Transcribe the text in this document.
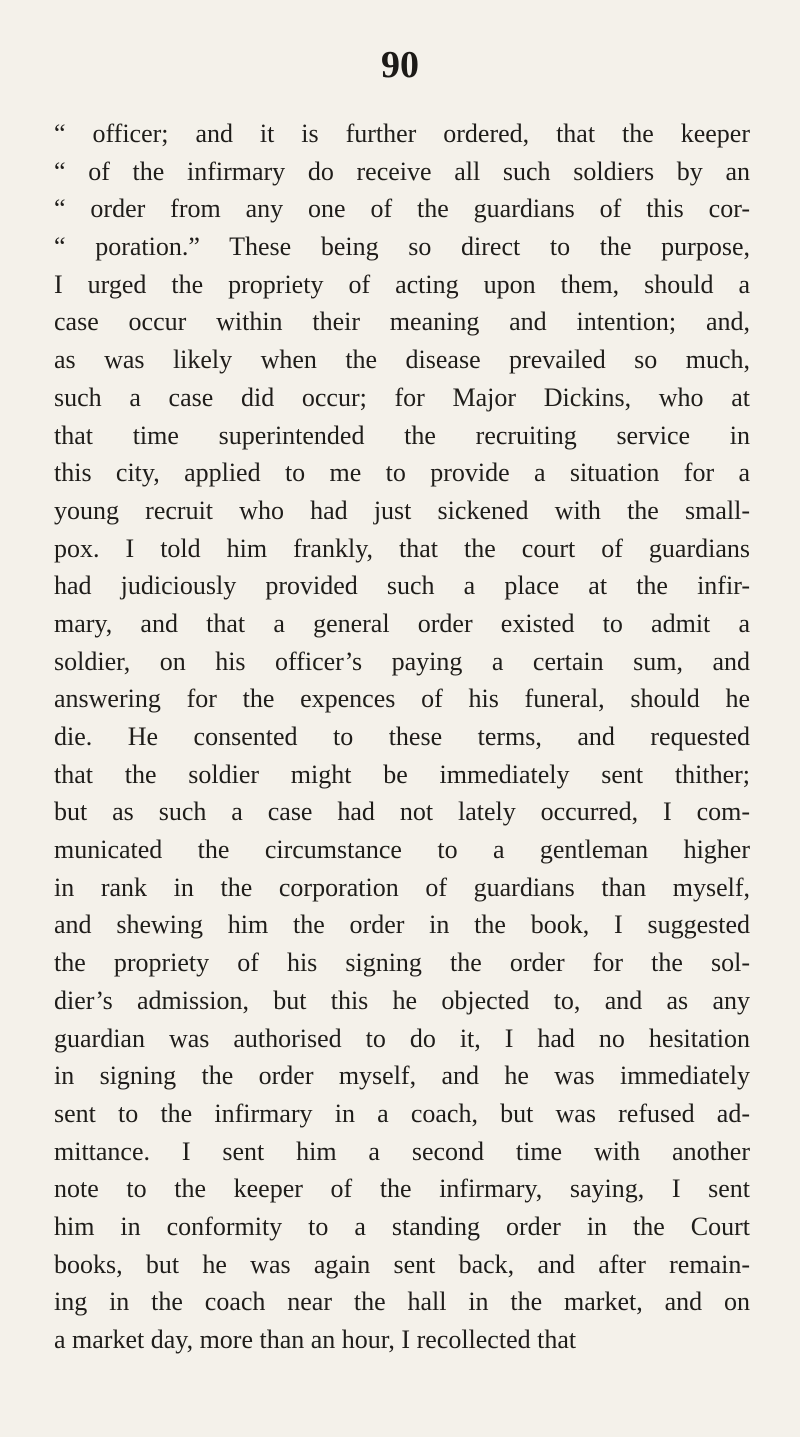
90
“ officer; and it is further ordered, that the keeper
“ of the infirmary do receive all such soldiers by an
“ order from any one of the guardians of this cor-
“ poration.” These being so direct to the purpose,
I urged the propriety of acting upon them, should a
case occur within their meaning and intention; and,
as was likely when the disease prevailed so much,
such a case did occur; for Major Dickins, who at
that time superintended the recruiting service in
this city, applied to me to provide a situation for a
young recruit who had just sickened with the small-
pox. I told him frankly, that the court of guardians
had judiciously provided such a place at the infir-
mary, and that a general order existed to admit a
soldier, on his officer’s paying a certain sum, and
answering for the expences of his funeral, should he
die. He consented to these terms, and requested
that the soldier might be immediately sent thither;
but as such a case had not lately occurred, I com-
municated the circumstance to a gentleman higher
in rank in the corporation of guardians than myself,
and shewing him the order in the book, I suggested
the propriety of his signing the order for the sol-
dier’s admission, but this he objected to, and as any
guardian was authorised to do it, I had no hesitation
in signing the order myself, and he was immediately
sent to the infirmary in a coach, but was refused ad-
mittance. I sent him a second time with another
note to the keeper of the infirmary, saying, I sent
him in conformity to a standing order in the Court
books, but he was again sent back, and after remain-
ing in the coach near the hall in the market, and on
a market day, more than an hour, I recollected that
